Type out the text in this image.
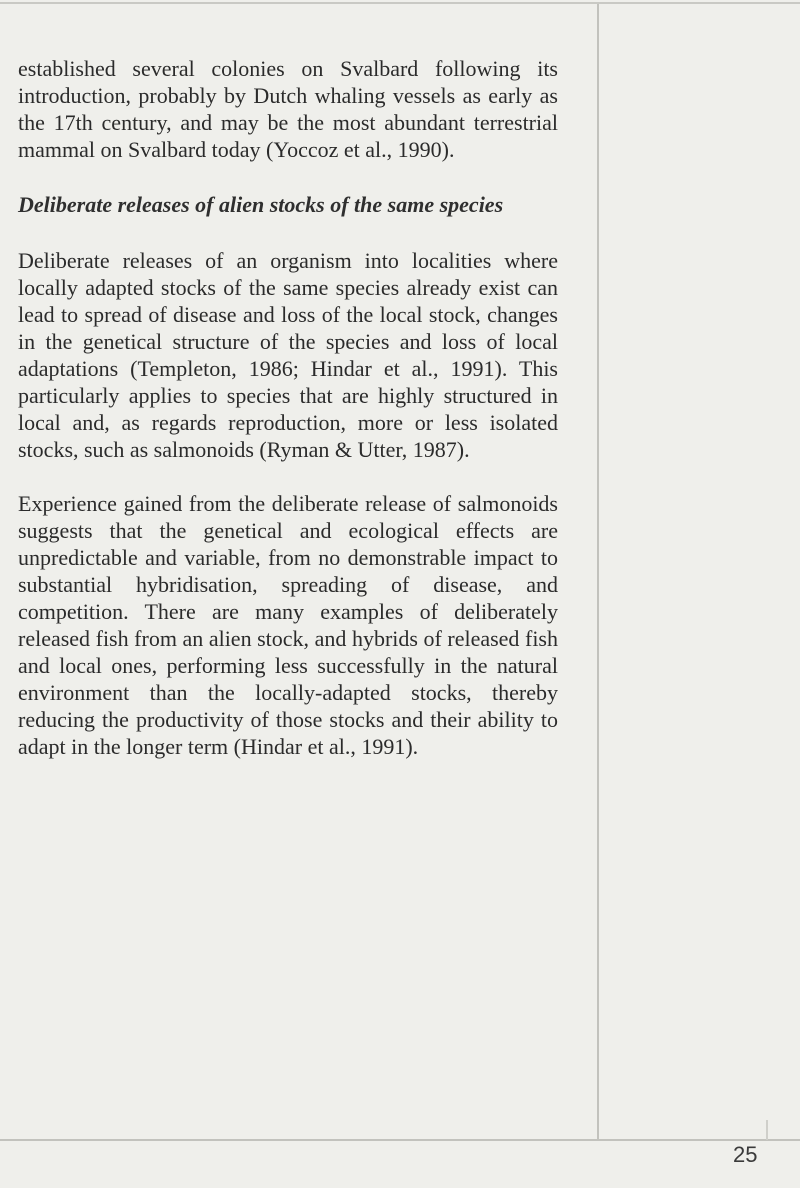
established several colonies on Svalbard following its introduction, probably by Dutch whaling vessels as early as the 17th century, and may be the most abundant terrestrial mammal on Svalbard today (Yoccoz et al., 1990).

Deliberate releases of alien stocks of the same species

Deliberate releases of an organism into localities where locally adapted stocks of the same species already exist can lead to spread of disease and loss of the local stock, changes in the genetical structure of the species and loss of local adaptations (Templeton, 1986; Hindar et al., 1991). This particularly applies to species that are highly structured in local and, as regards reproduction, more or less isolated stocks, such as salmonoids (Ryman & Utter, 1987).

Experience gained from the deliberate release of salmonoids suggests that the genetical and ecological effects are unpredictable and variable, from no demonstrable impact to substantial hybridisation, spreading of disease, and competition. There are many examples of deliberately released fish from an alien stock, and hybrids of released fish and local ones, performing less successfully in the natural environment than the locally-adapted stocks, thereby reducing the productivity of those stocks and their ability to adapt in the longer term (Hindar et al., 1991).

25
